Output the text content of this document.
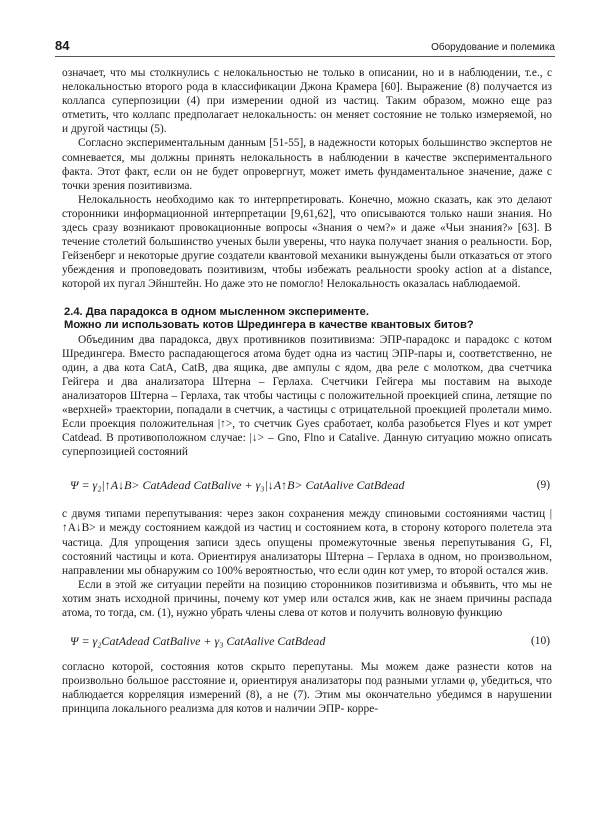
84	Оборудование и полемика

означает, что мы столкнулись с нелокальностью не только в описании, но и в наблюдении, т.е., с нелокальностью второго рода в классификации Джона Крамера [60]. Выражение (8) получается из коллапса суперпозиции (4) при измерении одной из частиц. Таким образом, можно еще раз отметить, что коллапс предполагает нелокальность: он меняет состояние не только измеряемой, но и другой частицы (5).

Согласно экспериментальным данным [51-55], в надежности которых большинство экспертов не сомневается, мы должны принять нелокальность в наблюдении в качестве экспериментального факта. Этот факт, если он не будет опровергнут, может иметь фундаментальное значение, даже с точки зрения позитивизма.

Нелокальность необходимо как то интерпретировать. Конечно, можно сказать, как это делают сторонники информационной интерпретации [9,61,62], что описываются только наши знания. Но здесь сразу возникают провокационные вопросы «Знания о чем?» и даже «Чьи знания?» [63]. В течение столетий большинство ученых были уверены, что наука получает знания о реальности. Бор, Гейзенберг и некоторые другие создатели квантовой механики вынуждены были отказаться от этого убеждения и проповедовать позитивизм, чтобы избежать реальности spooky action at a distance, которой их пугал Эйнштейн. Но даже это не помогло! Нелокальность оказалась наблюдаемой.

2.4. Два парадокса в одном мысленном эксперименте.
Можно ли использовать котов Шредингера в качестве квантовых битов?

Объединим два парадокса, двух противников позитивизма: ЭПР-парадокс и парадокс с котом Шредингера. Вместо распадающегося атома будет одна из частиц ЭПР-пары и, соответственно, не один, а два кота CatA, CatB, два ящика, две ампулы с ядом, два реле с молотком, два счетчика Гейгера и два анализатора Штерна – Герлаха. Счетчики Гейгера мы поставим на выходе анализаторов Штерна – Герлаха, так чтобы частицы с положительной проекцией спина, летящие по «верхней» траектории, попадали в счетчик, а частицы с отрицательной проекцией пролетали мимо. Если проекция положительная |↑>, то счетчик Gyes сработает, колба разобьется Flyes и кот умрет Catdead. В противоположном случае: |↓> – Gno, Flno и Catalive. Данную ситуацию можно описать суперпозицией состояний

Ψ = γ₂|↑A↓B> CatAdead CatBalive + γ₃|↓A↑B> CatAalive CatBdead	(9)

с двумя типами перепутывания: через закон сохранения между спиновыми состояниями частиц |↑A↓B> и между состоянием каждой из частиц и состоянием кота, в сторону которого полетела эта частица. Для упрощения записи здесь опущены промежуточные звенья перепутывания G, Fl, состояний частицы и кота. Ориентируя анализаторы Штерна – Герлаха в одном, но произвольном, направлении мы обнаружим со 100% вероятностью, что если один кот умер, то второй остался жив.

Если в этой же ситуации перейти на позицию сторонников позитивизма и объявить, что мы не хотим знать исходной причины, почему кот умер или остался жив, как не знаем причины распада атома, то тогда, см. (1), нужно убрать члены слева от котов и получить волновую функцию

Ψ = γ₂CatAdead CatBalive + γ₃ CatAalive CatBdead	(10)

согласно которой, состояния котов скрыто перепутаны. Мы можем даже разнести котов на произвольно большое расстояние и, ориентируя анализаторы под разными углами φ, убедиться, что наблюдается корреляция измерений (8), а не (7). Этим мы окончательно убедимся в нарушении принципа локального реализма для котов и наличии ЭПР- корре-
